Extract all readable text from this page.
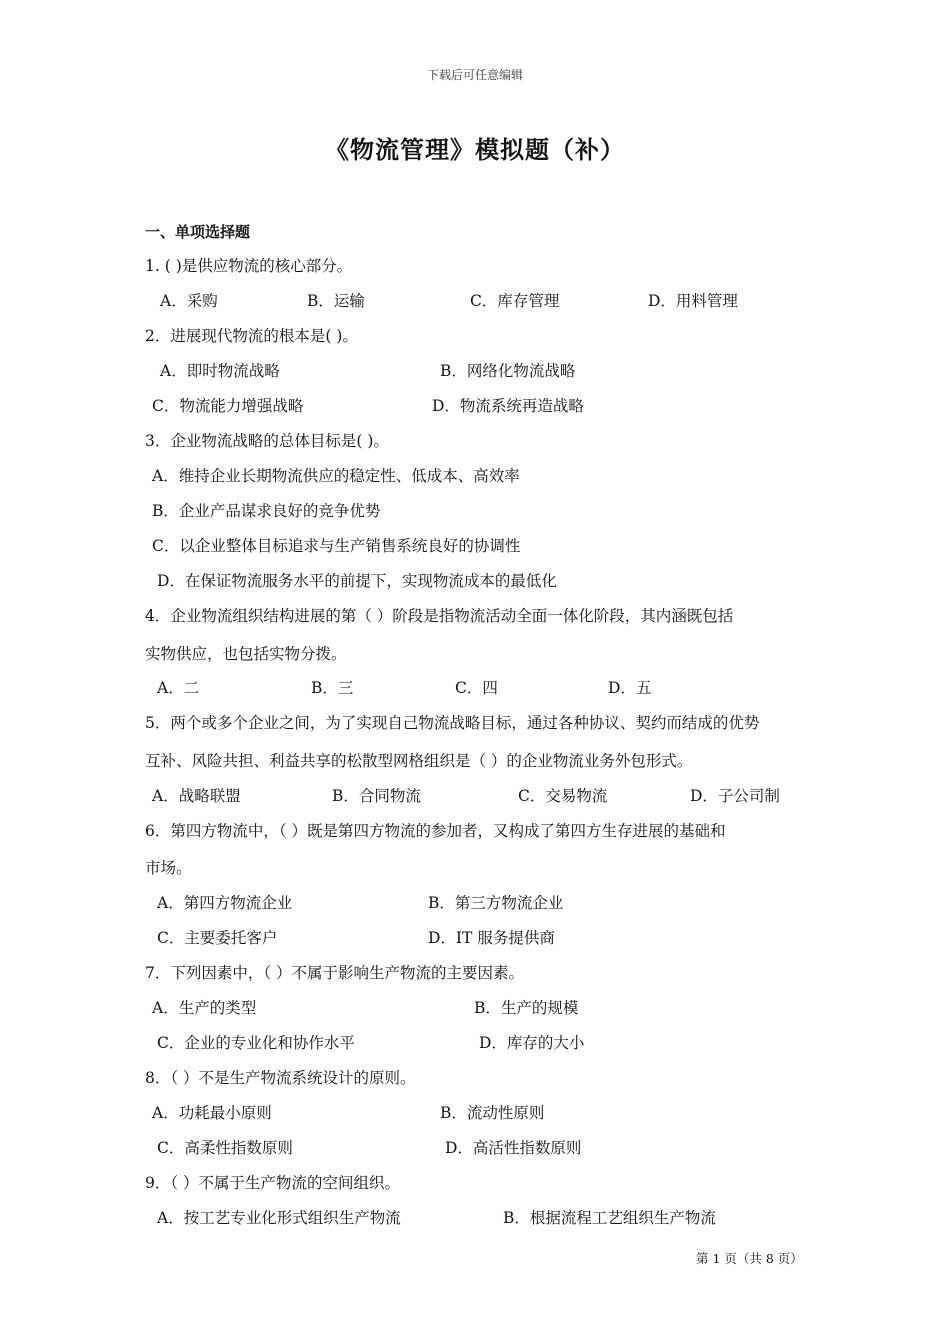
下载后可任意编辑
《物流管理》模拟题（补）
一、单项选择题
1. ( )是供应物流的核心部分。
A．采购	B．运输	C．库存管理	D．用料管理
2．进展现代物流的根本是( )。
A．即时物流战略	B．网络化物流战略
C．物流能力增强战略	D．物流系统再造战略
3．企业物流战略的总体目标是( )。
A．维持企业长期物流供应的稳定性、低成本、高效率
B．企业产品谋求良好的竞争优势
C．以企业整体目标追求与生产销售系统良好的协调性
D．在保证物流服务水平的前提下，实现物流成本的最低化
4．企业物流组织结构进展的第（ ）阶段是指物流活动全面一体化阶段，其内涵既包括
实物供应，也包括实物分拨。
A．二	B．三	C．四	D．五
5．两个或多个企业之间，为了实现自己物流战略目标，通过各种协议、契约而结成的优势
互补、风险共担、利益共享的松散型网格组织是（ ）的企业物流业务外包形式。
A．战略联盟	B．合同物流	C．交易物流	D．子公司制
6．第四方物流中，（ ）既是第四方物流的参加者，又构成了第四方生存进展的基础和
市场。
A．第四方物流企业	B．第三方物流企业
C．主要委托客户	D．IT 服务提供商
7．下列因素中，（ ）不属于影响生产物流的主要因素。
A．生产的类型	B．生产的规模
C．企业的专业化和协作水平	D．库存的大小
8．（ ）不是生产物流系统设计的原则。
A．功耗最小原则	B．流动性原则
C．高柔性指数原则	D．高活性指数原则
9．（ ）不属于生产物流的空间组织。
A．按工艺专业化形式组织生产物流	B．根据流程工艺组织生产物流
第 1 页（共 8 页）
